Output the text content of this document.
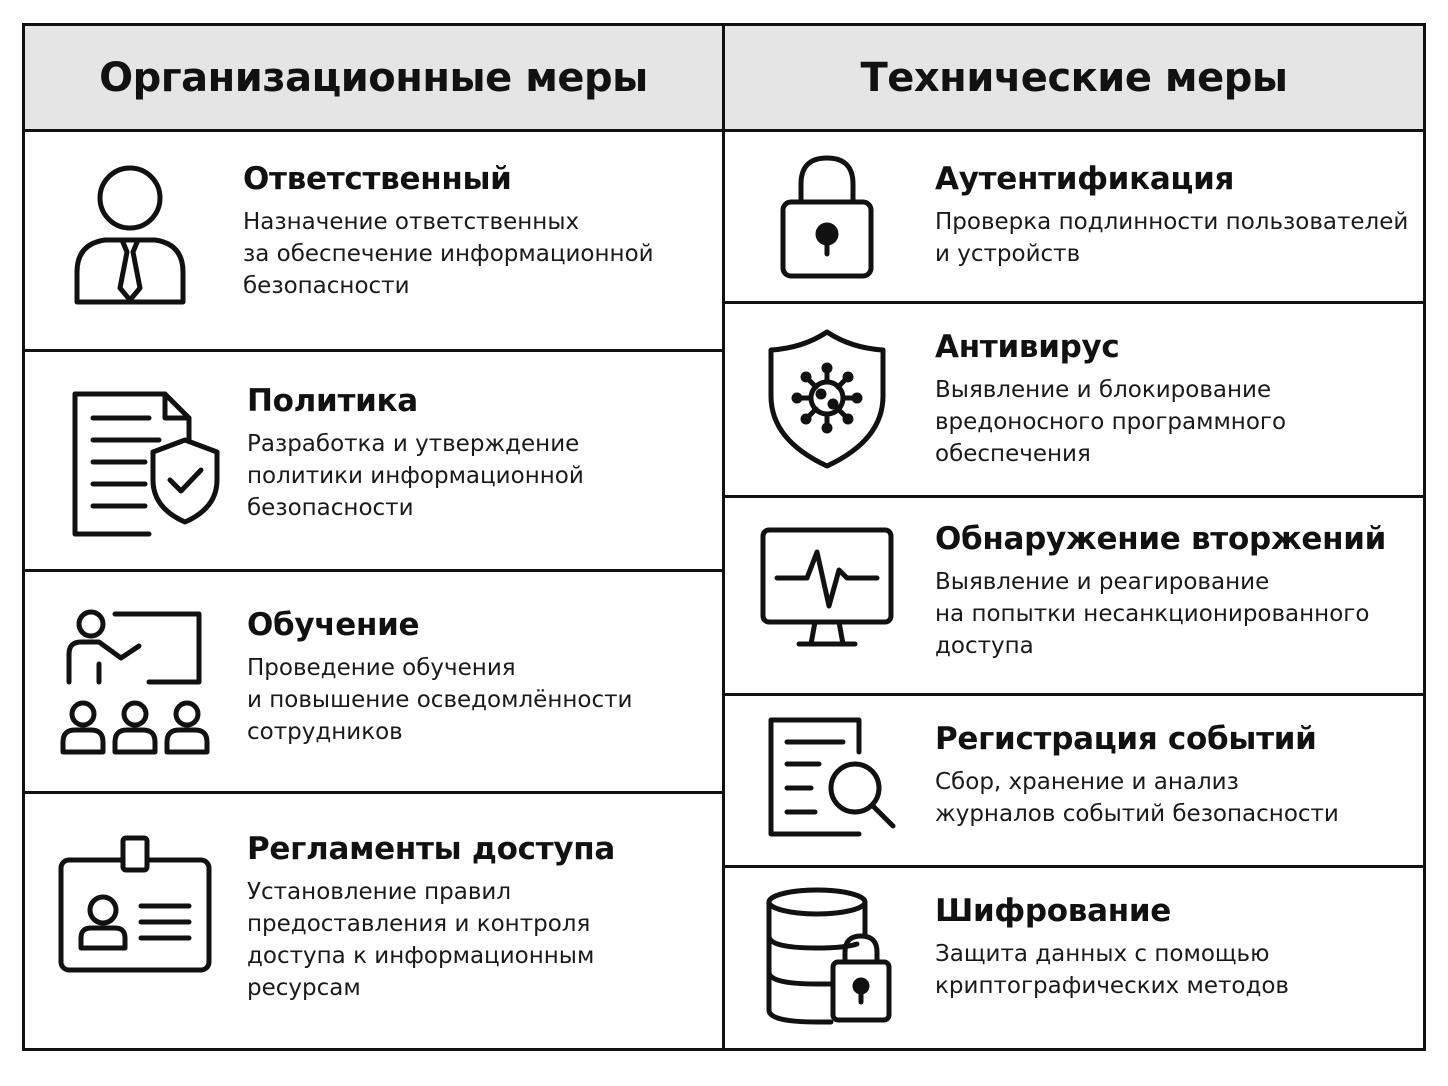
Организационные меры
Ответственный
Назначение ответственных
за обеспечение информационной
безопасности
Политика
Разработка и утверждение
политики информационной
безопасности
Обучение
Проведение обучения
и повышение осведомлённости
сотрудников
Регламенты доступа
Установление правил
предоставления и контроля
доступа к информационным
ресурсам
Технические меры
Аутентификация
Проверка подлинности пользователей
и устройств
Антивирус
Выявление и блокирование
вредоносного программного
обеспечения
Обнаружение вторжений
Выявление и реагирование
на попытки несанкционированного
доступа
Регистрация событий
Сбор, хранение и анализ
журналов событий безопасности
Шифрование
Защита данных с помощью
криптографических методов
